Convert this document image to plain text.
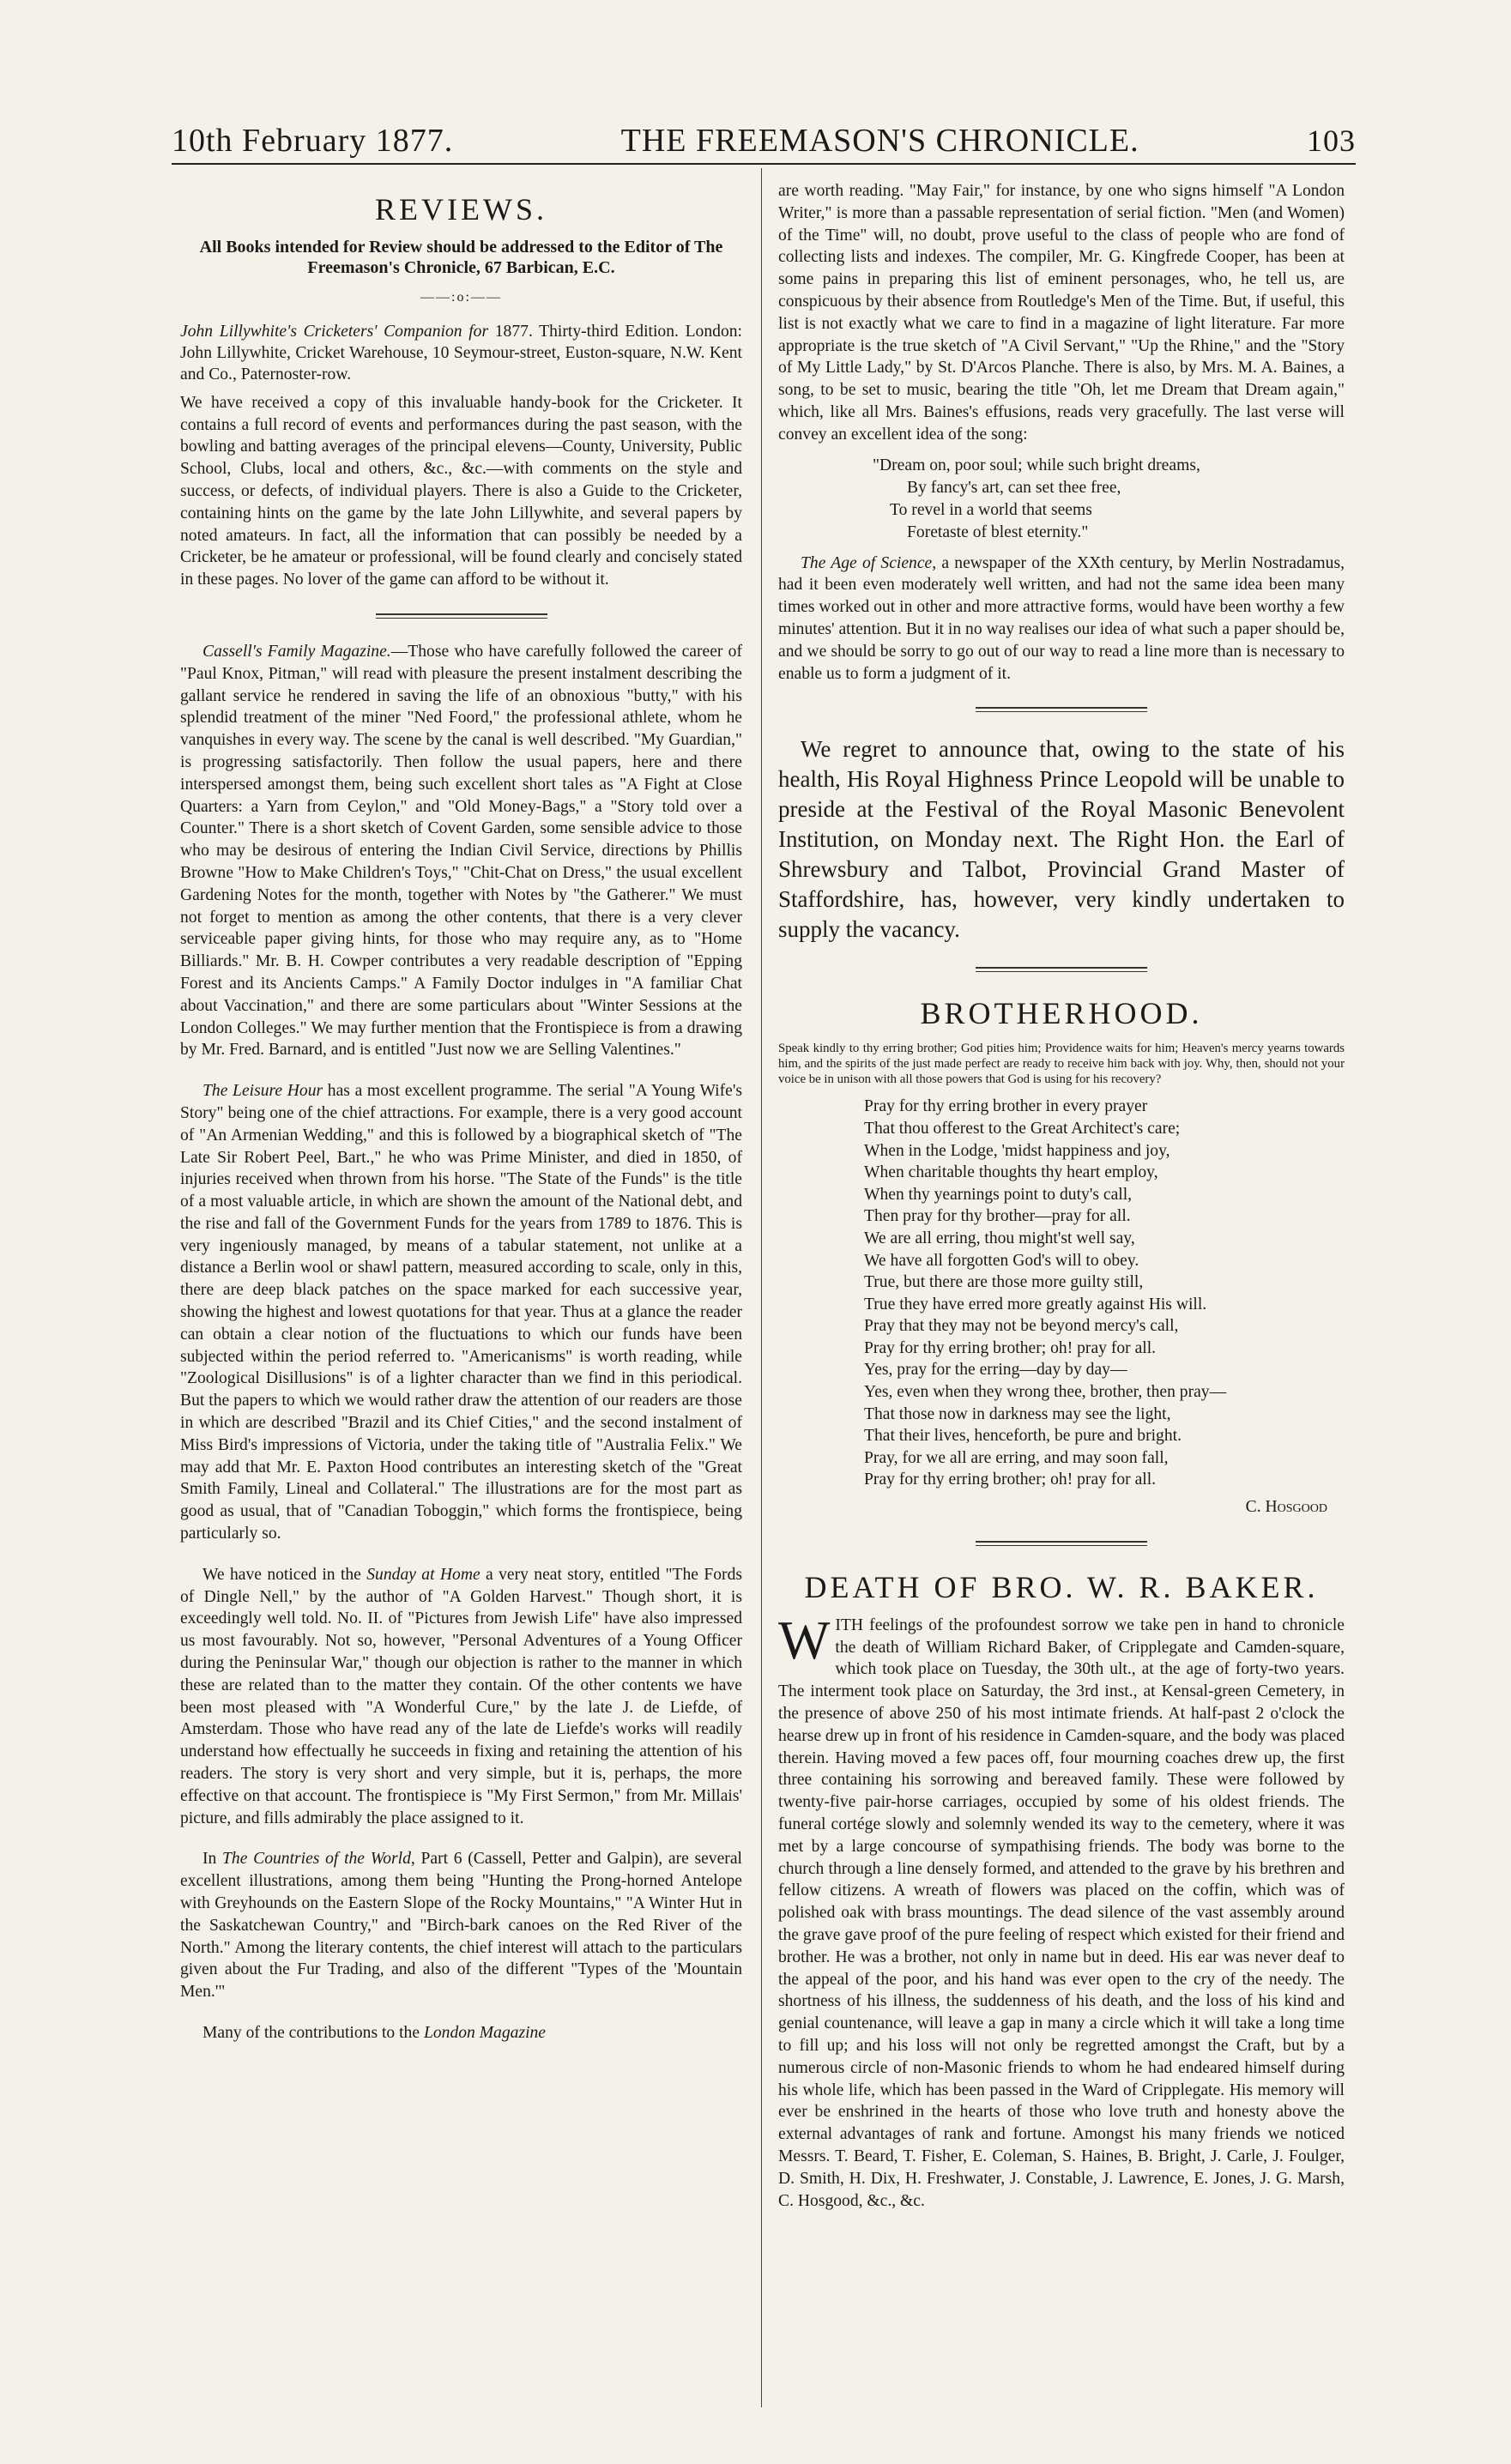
10th February 1877.	THE FREEMASON'S CHRONICLE.	103
REVIEWS.
All Books intended for Review should be addressed to the Editor of The Freemason's Chronicle, 67 Barbican, E.C.
——:o:——

John Lillywhite's Cricketers' Companion for 1877. Thirty-third Edition. London: John Lillywhite, Cricket Warehouse, 10 Seymour-street, Euston-square, N.W. Kent and Co., Paternoster-row.

We have received a copy of this invaluable handy-book for the Cricketer. It contains a full record of events and performances during the past season, with the bowling and batting averages of the principal elevens—County, University, Public School, Clubs, local and others, &c., &c.—with comments on the style and success, or defects, of individual players. There is also a Guide to the Cricketer, containing hints on the game by the late John Lillywhite, and several papers by noted amateurs. In fact, all the information that can possibly be needed by a Cricketer, be he amateur or professional, will be found clearly and concisely stated in these pages. No lover of the game can afford to be without it.

Cassell's Family Magazine.—Those who have carefully followed the career of "Paul Knox, Pitman," will read with pleasure the present instalment describing the gallant service he rendered in saving the life of an obnoxious "butty," with his splendid treatment of the miner "Ned Foord," the professional athlete, whom he vanquishes in every way. The scene by the canal is well described. "My Guardian," is progressing satisfactorily. Then follow the usual papers, here and there interspersed amongst them, being such excellent short tales as "A Fight at Close Quarters: a Yarn from Ceylon," and "Old Money-Bags," a "Story told over a Counter." There is a short sketch of Covent Garden, some sensible advice to those who may be desirous of entering the Indian Civil Service, directions by Phillis Browne "How to Make Children's Toys," "Chit-Chat on Dress," the usual excellent Gardening Notes for the month, together with Notes by "the Gatherer." We must not forget to mention as among the other contents, that there is a very clever serviceable paper giving hints, for those who may require any, as to "Home Billiards." Mr. B. H. Cowper contributes a very readable description of "Epping Forest and its Ancients Camps." A Family Doctor indulges in "A familiar Chat about Vaccination," and there are some particulars about "Winter Sessions at the London Colleges." We may further mention that the Frontispiece is from a drawing by Mr. Fred. Barnard, and is entitled "Just now we are Selling Valentines."

The Leisure Hour has a most excellent programme. The serial "A Young Wife's Story" being one of the chief attractions. For example, there is a very good account of "An Armenian Wedding," and this is followed by a biographical sketch of "The Late Sir Robert Peel, Bart.," he who was Prime Minister, and died in 1850, of injuries received when thrown from his horse. "The State of the Funds" is the title of a most valuable article, in which are shown the amount of the National debt, and the rise and fall of the Government Funds for the years from 1789 to 1876. This is very ingeniously managed, by means of a tabular statement, not unlike at a distance a Berlin wool or shawl pattern, measured according to scale, only in this, there are deep black patches on the space marked for each successive year, showing the highest and lowest quotations for that year. Thus at a glance the reader can obtain a clear notion of the fluctuations to which our funds have been subjected within the period referred to. "Americanisms" is worth reading, while "Zoological Disillusions" is of a lighter character than we find in this periodical. But the papers to which we would rather draw the attention of our readers are those in which are described "Brazil and its Chief Cities," and the second instalment of Miss Bird's impressions of Victoria, under the taking title of "Australia Felix." We may add that Mr. E. Paxton Hood contributes an interesting sketch of the "Great Smith Family, Lineal and Collateral." The illustrations are for the most part as good as usual, that of "Canadian Toboggin," which forms the frontispiece, being particularly so.

We have noticed in the Sunday at Home a very neat story, entitled "The Fords of Dingle Nell," by the author of "A Golden Harvest." Though short, it is exceedingly well told. No. II. of "Pictures from Jewish Life" have also impressed us most favourably. Not so, however, "Personal Adventures of a Young Officer during the Peninsular War," though our objection is rather to the manner in which these are related than to the matter they contain. Of the other contents we have been most pleased with "A Wonderful Cure," by the late J. de Liefde, of Amsterdam. Those who have read any of the late de Liefde's works will readily understand how effectually he succeeds in fixing and retaining the attention of his readers. The story is very short and very simple, but it is, perhaps, the more effective on that account. The frontispiece is "My First Sermon," from Mr. Millais' picture, and fills admirably the place assigned to it.

In The Countries of the World, Part 6 (Cassell, Petter and Galpin), are several excellent illustrations, among them being "Hunting the Prong-horned Antelope with Greyhounds on the Eastern Slope of the Rocky Mountains," "A Winter Hut in the Saskatchewan Country," and "Birch-bark canoes on the Red River of the North." Among the literary contents, the chief interest will attach to the particulars given about the Fur Trading, and also of the different "Types of the 'Mountain Men.'"

Many of the contributions to the London Magazine

are worth reading. "May Fair," for instance, by one who signs himself "A London Writer," is more than a passable representation of serial fiction. "Men (and Women) of the Time" will, no doubt, prove useful to the class of people who are fond of collecting lists and indexes. The compiler, Mr. G. Kingfrede Cooper, has been at some pains in preparing this list of eminent personages, who, he tell us, are conspicuous by their absence from Routledge's Men of the Time. But, if useful, this list is not exactly what we care to find in a magazine of light literature. Far more appropriate is the true sketch of "A Civil Servant," "Up the Rhine," and the "Story of My Little Lady," by St. D'Arcos Planche. There is also, by Mrs. M. A. Baines, a song, to be set to music, bearing the title "Oh, let me Dream that Dream again," which, like all Mrs. Baines's effusions, reads very gracefully. The last verse will convey an excellent idea of the song:

"Dream on, poor soul; while such bright dreams,
By fancy's art, can set thee free,
To revel in a world that seems
Foretaste of blest eternity."

The Age of Science, a newspaper of the XXth century, by Merlin Nostradamus, had it been even moderately well written, and had not the same idea been many times worked out in other and more attractive forms, would have been worthy a few minutes' attention. But it in no way realises our idea of what such a paper should be, and we should be sorry to go out of our way to read a line more than is necessary to enable us to form a judgment of it.

We regret to announce that, owing to the state of his health, His Royal Highness Prince Leopold will be unable to preside at the Festival of the Royal Masonic Benevolent Institution, on Monday next. The Right Hon. the Earl of Shrewsbury and Talbot, Provincial Grand Master of Staffordshire, has, however, very kindly undertaken to supply the vacancy.

BROTHERHOOD.

Speak kindly to thy erring brother; God pities him; Providence waits for him; Heaven's mercy yearns towards him, and the spirits of the just made perfect are ready to receive him back with joy. Why, then, should not your voice be in unison with all those powers that God is using for his recovery?

Pray for thy erring brother in every prayer
That thou offerest to the Great Architect's care;
When in the Lodge, 'midst happiness and joy,
When charitable thoughts thy heart employ,
When thy yearnings point to duty's call,
Then pray for thy brother—pray for all.
We are all erring, thou might'st well say,
We have all forgotten God's will to obey.
True, but there are those more guilty still,
True they have erred more greatly against His will.
Pray that they may not be beyond mercy's call,
Pray for thy erring brother; oh! pray for all.
Yes, pray for the erring—day by day—
Yes, even when they wrong thee, brother, then pray—
That those now in darkness may see the light,
That their lives, henceforth, be pure and bright.
Pray, for we all are erring, and may soon fall,
Pray for thy erring brother; oh! pray for all.
C. Hosgood
DEATH OF BRO. W. R. BAKER.

WITH feelings of the profoundest sorrow we take pen in hand to chronicle the death of William Richard Baker, of Cripplegate and Camden-square, which took place on Tuesday, the 30th ult., at the age of forty-two years. The interment took place on Saturday, the 3rd inst., at Kensal-green Cemetery, in the presence of above 250 of his most intimate friends. At half-past 2 o'clock the hearse drew up in front of his residence in Camden-square, and the body was placed therein. Having moved a few paces off, four mourning coaches drew up, the first three containing his sorrowing and bereaved family. These were followed by twenty-five pair-horse carriages, occupied by some of his oldest friends. The funeral cortége slowly and solemnly wended its way to the cemetery, where it was met by a large concourse of sympathising friends. The body was borne to the church through a line densely formed, and attended to the grave by his brethren and fellow citizens. A wreath of flowers was placed on the coffin, which was of polished oak with brass mountings. The dead silence of the vast assembly around the grave gave proof of the pure feeling of respect which existed for their friend and brother. He was a brother, not only in name but in deed. His ear was never deaf to the appeal of the poor, and his hand was ever open to the cry of the needy. The shortness of his illness, the suddenness of his death, and the loss of his kind and genial countenance, will leave a gap in many a circle which it will take a long time to fill up; and his loss will not only be regretted amongst the Craft, but by a numerous circle of non-Masonic friends to whom he had endeared himself during his whole life, which has been passed in the Ward of Cripplegate. His memory will ever be enshrined in the hearts of those who love truth and honesty above the external advantages of rank and fortune. Amongst his many friends we noticed Messrs. T. Beard, T. Fisher, E. Coleman, S. Haines, B. Bright, J. Carle, J. Foulger, D. Smith, H. Dix, H. Freshwater, J. Constable, J. Lawrence, E. Jones, J. G. Marsh, C. Hosgood, &c., &c.
